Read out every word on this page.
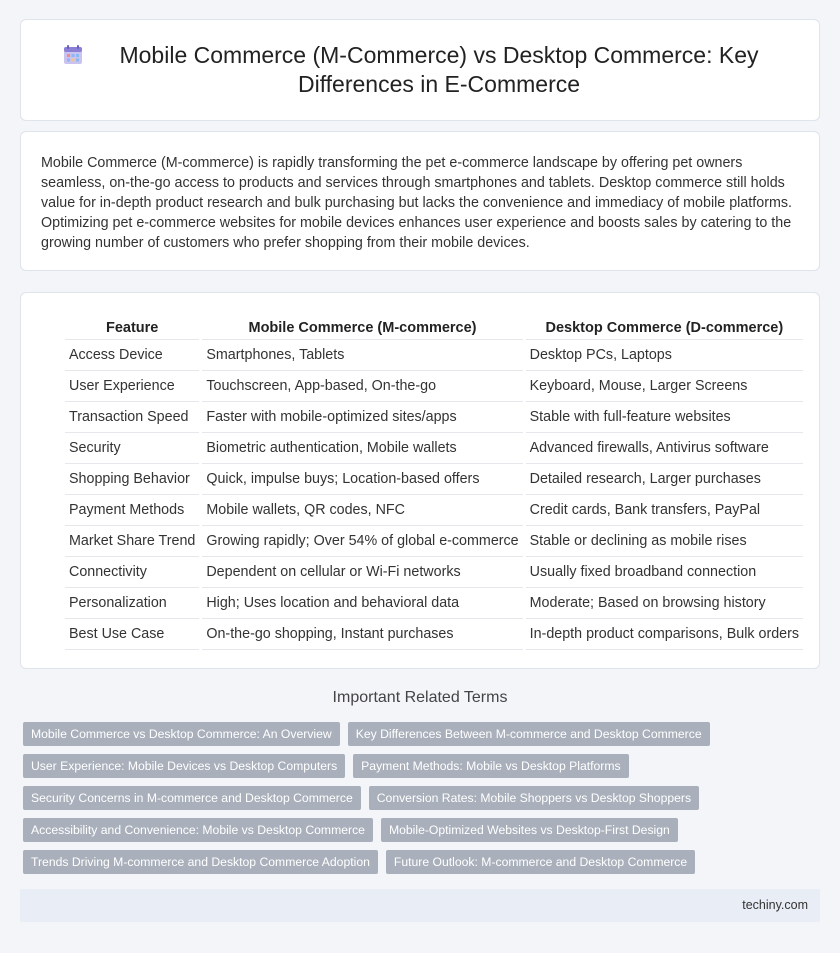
Mobile Commerce (M-Commerce) vs Desktop Commerce: Key Differences in E-Commerce

Mobile Commerce (M-commerce) is rapidly transforming the pet e-commerce landscape by offering pet owners seamless, on-the-go access to products and services through smartphones and tablets. Desktop commerce still holds value for in-depth product research and bulk purchasing but lacks the convenience and immediacy of mobile platforms. Optimizing pet e-commerce websites for mobile devices enhances user experience and boosts sales by catering to the growing number of customers who prefer shopping from their mobile devices.

Feature	Mobile Commerce (M-commerce)	Desktop Commerce (D-commerce)
Access Device	Smartphones, Tablets	Desktop PCs, Laptops
User Experience	Touchscreen, App-based, On-the-go	Keyboard, Mouse, Larger Screens
Transaction Speed	Faster with mobile-optimized sites/apps	Stable with full-feature websites
Security	Biometric authentication, Mobile wallets	Advanced firewalls, Antivirus software
Shopping Behavior	Quick, impulse buys; Location-based offers	Detailed research, Larger purchases
Payment Methods	Mobile wallets, QR codes, NFC	Credit cards, Bank transfers, PayPal
Market Share Trend	Growing rapidly; Over 54% of global e-commerce	Stable or declining as mobile rises
Connectivity	Dependent on cellular or Wi-Fi networks	Usually fixed broadband connection
Personalization	High; Uses location and behavioral data	Moderate; Based on browsing history
Best Use Case	On-the-go shopping, Instant purchases	In-depth product comparisons, Bulk orders
Important Related Terms
Mobile Commerce vs Desktop Commerce: An Overview	Key Differences Between M-commerce and Desktop Commerce
User Experience: Mobile Devices vs Desktop Computers	Payment Methods: Mobile vs Desktop Platforms
Security Concerns in M-commerce and Desktop Commerce	Conversion Rates: Mobile Shoppers vs Desktop Shoppers
Accessibility and Convenience: Mobile vs Desktop Commerce	Mobile-Optimized Websites vs Desktop-First Design
Trends Driving M-commerce and Desktop Commerce Adoption	Future Outlook: M-commerce and Desktop Commerce
techiny.com
